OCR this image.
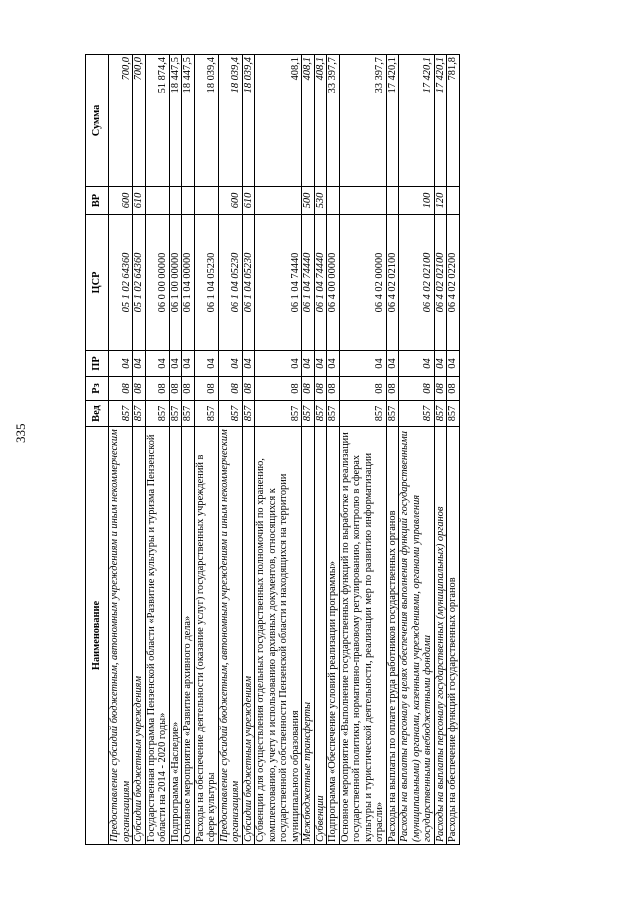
335
Наименование	Вед	Рз	ПР	ЦСР	ВР	Сумма
Предоставление субсидий бюджетным, автономным учреждениям и иным некоммерческим организациям	857	08	04	05 1 02 64360	600	700,0
Субсидии бюджетным учреждениям	857	08	04	05 1 02 64360	610	700,0
Государственная программа Пензенской области «Развитие культуры и туризма Пензенской области на 2014 - 2020 годы»	857	08	04	06 0 00 00000		51 874,4
Подпрограмма «Наследие»	857	08	04	06 1 00 00000		18 447,5
Основное мероприятие «Развитие архивного дела»	857	08	04	06 1 04 00000		18 447,5
Расходы на обеспечение деятельности (оказание услуг) государственных учреждений в сфере культуры	857	08	04	06 1 04 05230		18 039,4
Предоставление субсидий бюджетным, автономным учреждениям и иным некоммерческим организациям	857	08	04	06 1 04 05230	600	18 039,4
Субсидии бюджетным учреждениям	857	08	04	06 1 04 05230	610	18 039,4
Субвенции для осуществления отдельных государственных полномочий по хранению, комплектованию, учету и использованию архивных документов, относящихся к государственной собственности Пензенской области и находящихся на территории муниципального образования	857	08	04	06 1 04 74440		408,1
Межбюджетные трансферты	857	08	04	06 1 04 74440	500	408,1
Субвенции	857	08	04	06 1 04 74440	530	408,1
Подпрограмма «Обеспечение условий реализации программы»	857	08	04	06 4 00 00000		33 397,7
Основное мероприятие «Выполнение государственных функций по выработке и реализации государственной политики, нормативно-правовому регулированию, контролю в сферах культуры и туристической деятельности, реализации мер по развитию информатизации отрасли»	857	08	04	06 4 02 00000		33 397,7
Расходы на выплаты по оплате труда работников государственных органов	857	08	04	06 4 02 02100		17 420,1
Расходы на выплаты персоналу в целях обеспечения выполнения функций государственными (муниципальными) органами, казенными учреждениями, органами управления государственными внебюджетными фондами	857	08	04	06 4 02 02100	100	17 420,1
Расходы на выплаты персоналу государственных (муниципальных) органов	857	08	04	06 4 02 02100	120	17 420,1
Расходы на обеспечение функций государственных органов	857	08	04	06 4 02 02200		781,8
